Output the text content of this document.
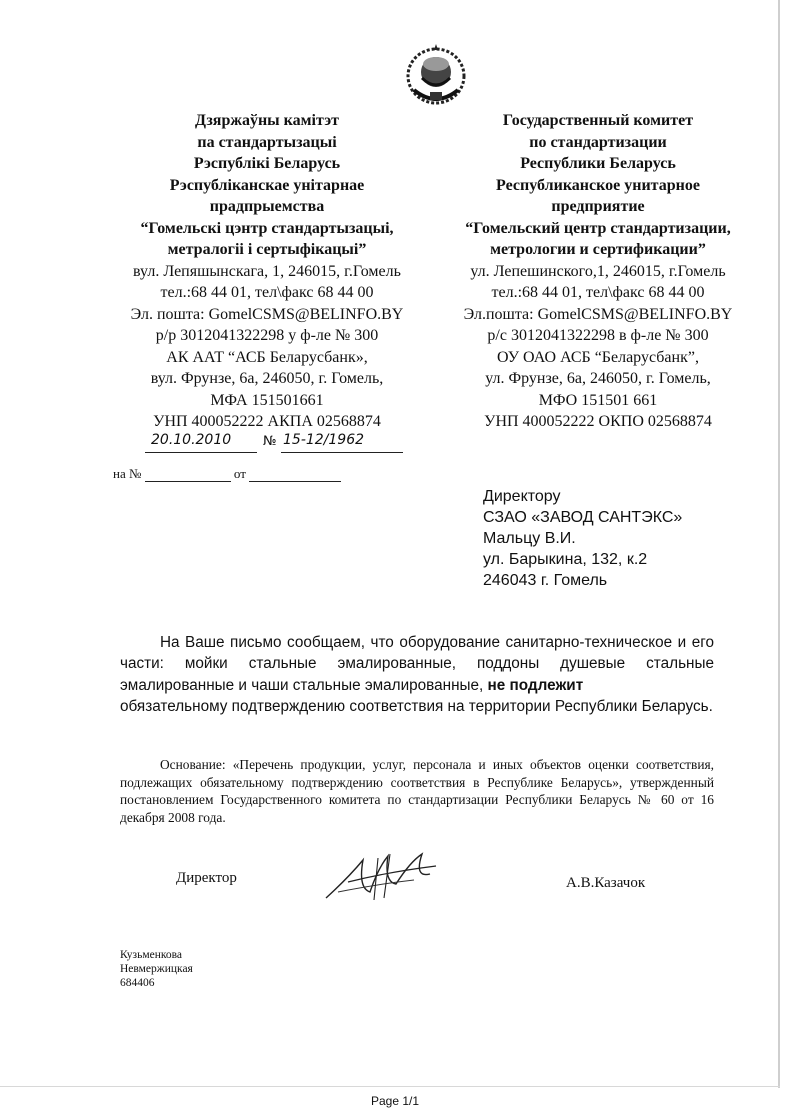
Дзяржаўны камітэт
па стандартызацыі
Рэспублікі Беларусь
Рэспубліканскае унітарнае
прадпрыемства
“Гомельскі цэнтр стандартызацыі,
метралогіі і сертыфікацыі”
вул. Лепяшынскага, 1, 246015, г.Гомель
тел.:68 44 01, тел\факс 68 44 00
Эл. пошта: GomelCSMS@BELINFO.BY
р/р 3012041322298 у ф-ле № 300
АК ААТ “АСБ Беларусбанк»,
вул. Фрунзе, 6а, 246050, г. Гомель,
МФА 151501661
УНП 400052222 АКПА 02568874
Государственный комитет
по стандартизации
Республики Беларусь
Республиканское унитарное
предприятие
“Гомельский центр стандартизации,
метрологии и сертификации”
ул. Лепешинского,1, 246015, г.Гомель
тел.:68 44 01, тел\факс 68 44 00
Эл.пошта: GomelCSMS@BELINFO.BY
р/с 3012041322298 в ф-ле № 300
ОУ ОАО АСБ “Беларусбанк”,
ул. Фрунзе, 6а, 246050, г. Гомель,
МФО 151501 661
УНП 400052222 ОКПО 02568874
20.10.2010 № 15-12/1962
на №	от
Директору
СЗАО «ЗАВОД САНТЭКС»
Мальцу В.И.
ул. Барыкина, 132, к.2
246043 г. Гомель

На Ваше письмо сообщаем, что оборудование санитарно-техническое и его части: мойки стальные эмалированные, поддоны душевые стальные эмалированные и чаши стальные эмалированные, не подлежит
обязательному подтверждению соответствия на территории Республики Беларусь.

Основание: «Перечень продукции, услуг, персонала и иных объектов оценки соответствия, подлежащих обязательному подтверждению соответствия в Республике Беларусь», утвержденный постановлением Государственного комитета по стандартизации Республики Беларусь № 60 от 16 декабря 2008 года.
Директор	А.В.Казачок
Кузьменкова
Невмержицкая
684406
Page 1/1
